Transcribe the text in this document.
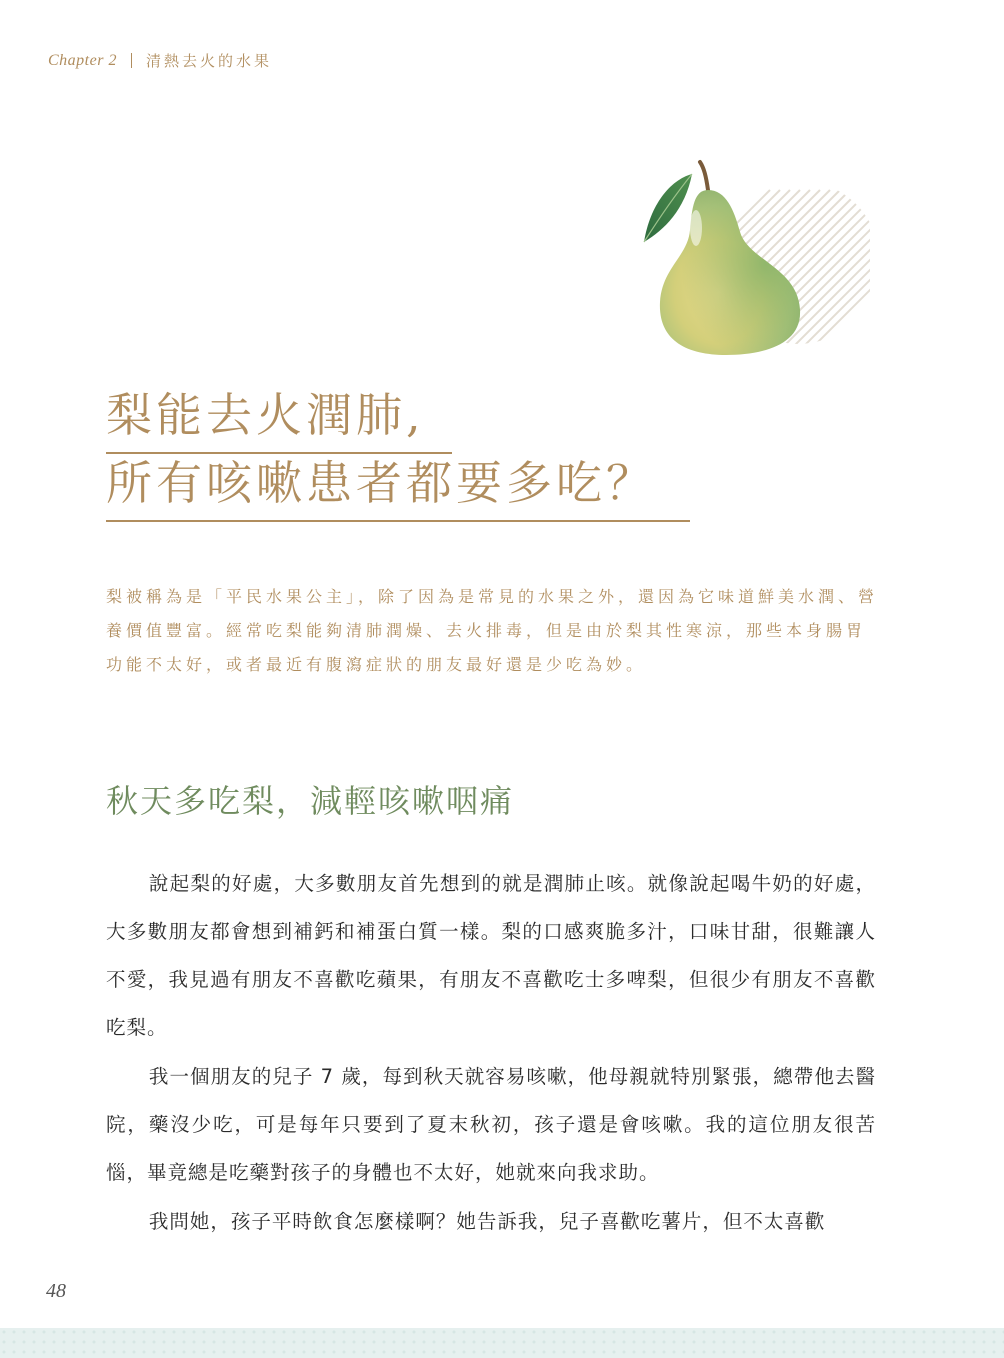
Chapter 2 清熱去火的水果
梨能去火潤肺,
所有咳嗽患者都要多吃？

梨被稱為是「平民水果公主」，除了因為是常見的水果之外，還因為它味道鮮美水潤、營養價值豐富。經常吃梨能夠清肺潤燥、去火排毒，但是由於梨其性寒涼，那些本身腸胃功能不太好，或者最近有腹瀉症狀的朋友最好還是少吃為妙。

秋天多吃梨，減輕咳嗽咽痛

說起梨的好處，大多數朋友首先想到的就是潤肺止咳。就像說起喝牛奶的好處，大多數朋友都會想到補鈣和補蛋白質一樣。梨的口感爽脆多汁，口味甘甜，很難讓人不愛，我見過有朋友不喜歡吃蘋果，有朋友不喜歡吃士多啤梨，但很少有朋友不喜歡吃梨。

我一個朋友的兒子 7 歲，每到秋天就容易咳嗽，他母親就特別緊張，總帶他去醫院，藥沒少吃，可是每年只要到了夏末秋初，孩子還是會咳嗽。我的這位朋友很苦惱，畢竟總是吃藥對孩子的身體也不太好，她就來向我求助。

我問她，孩子平時飲食怎麼樣啊？她告訴我，兒子喜歡吃薯片，但不太喜歡

48
